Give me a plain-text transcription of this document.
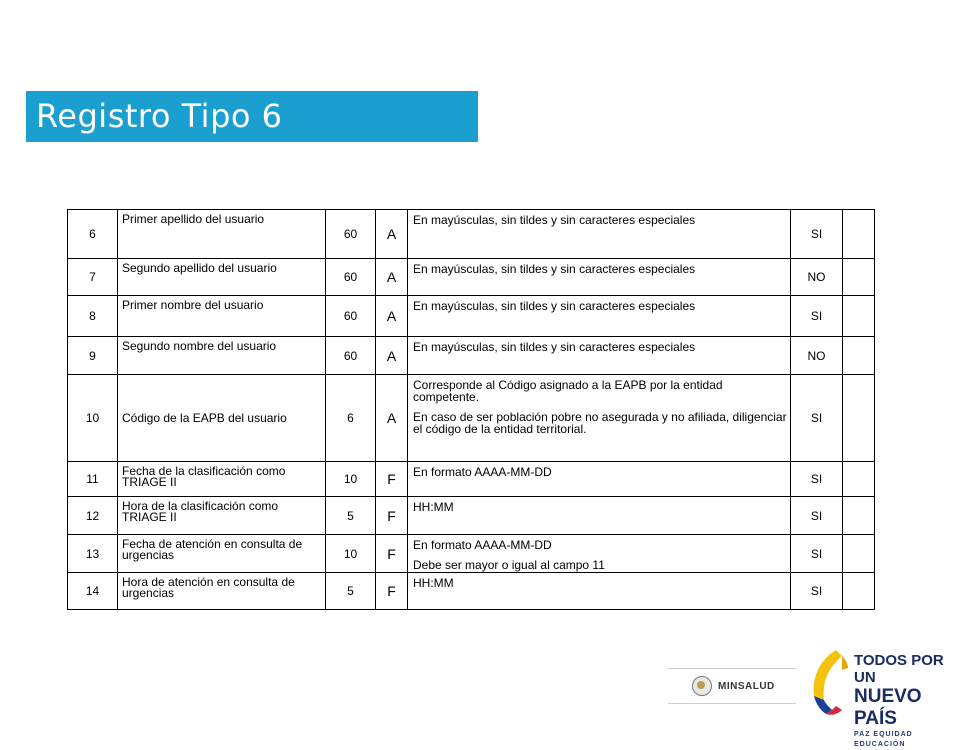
Registro Tipo 6
6	Primer apellido del usuario	60	A	En mayúsculas, sin tildes y sin caracteres especiales	SI	
7	Segundo apellido del usuario	60	A	En mayúsculas, sin tildes y sin caracteres especiales	NO	
8	Primer nombre del usuario	60	A	En mayúsculas, sin tildes y sin caracteres especiales	SI	
9	Segundo nombre del usuario	60	A	En mayúsculas, sin tildes y sin caracteres especiales	NO	
10	Código de la EAPB del usuario	6	A	Corresponde al Código asignado a la EAPB por la entidad competente.

En caso de ser población pobre no asegurada y no afiliada, diligenciar el código de la entidad territorial.	SI	
11	Fecha de la clasificación como TRIAGE II	10	F	En formato AAAA-MM-DD	SI	
12	Hora de la clasificación como TRIAGE II	5	F	HH:MM	SI	
13	Fecha de atención en consulta de urgencias	10	F	En formato AAAA-MM-DD

Debe ser mayor o igual al campo 11	SI	
14	Hora de atención en consulta de urgencias	5	F	HH:MM	SI	
MINSALUD
TODOS POR UN
NUEVO PAÍS
PAZ EQUIDAD EDUCACIÓN
